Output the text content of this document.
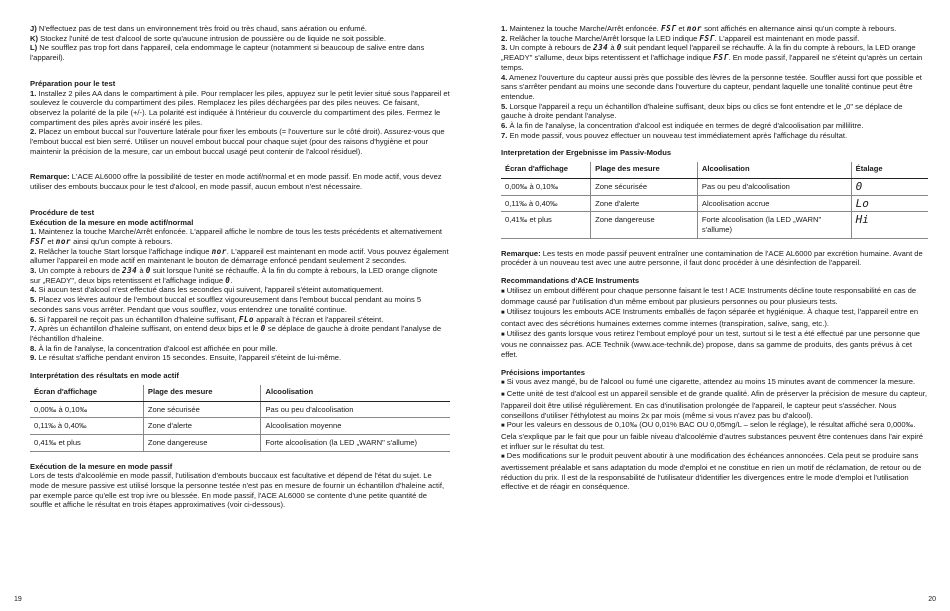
J) N'effectuez pas de test dans un environnement très froid ou très chaud, sans aération ou enfumé.

K) Stockez l'unité de test d'alcool de sorte qu'aucune intrusion de poussière ou de liquide ne soit possible.

L) Ne soufflez pas trop fort dans l'appareil, cela endommage le capteur (notamment si beaucoup de salive entre dans l'appareil).

Préparation pour le test

1. Installez 2 piles AA dans le compartiment à pile. Pour remplacer les piles, appuyez sur le petit levier situé sous l'appareil et soulevez le couvercle du compartiment des piles. Remplacez les piles déchargées par des piles neuves. Ce faisant, observez la polarité de la pile (+/-). La polarité est indiquée à l'intérieur du couvercle du compartiment des piles. Fermez le compartiment des piles après avoir inséré les piles.

2. Placez un embout buccal sur l'ouverture latérale pour fixer les embouts (= l'ouverture sur le côté droit). Assurez-vous que l'embout buccal est bien serré. Utiliser un nouvel embout buccal pour chaque sujet (pour des raisons d'hygiène et pour maintenir la précision de la mesure, car un embout buccal usagé peut contenir de l'alcool résiduel).

Remarque: L'ACE AL6000 offre la possibilité de tester en mode actif/normal et en mode passif. En mode actif, vous devez utiliser des embouts buccaux pour le test d'alcool, en mode passif, aucun embout n'est nécessaire.

Procédure de test
Exécution de la mesure en mode actif/normal
1. Maintenez la touche Marche/Arrêt enfoncée. L'appareil affiche le nombre de tous les tests précédents et alternativement FSГ et nor ainsi qu'un compte à rebours.
2. Relâcher la touche Start lorsque l'affichage indique nor. L'appareil est maintenant en mode actif. Vous pouvez également allumer l'appareil en mode actif en maintenant le bouton de démarrage enfoncé pendant seulement 2 secondes.
3. Un compte à rebours de 234 à 0 suit lorsque l'unité se réchauffe. À la fin du compte à rebours, la LED orange clignote sur „READY", deux bips retentissent et l'affichage indique 0.
4. Si aucun test d'alcool n'est effectué dans les secondes qui suivent, l'appareil s'éteint automatiquement.
5. Placez vos lèvres autour de l'embout buccal et soufflez vigoureusement dans l'embout buccal pendant au moins 5 secondes sans vous arrêter. Pendant que vous soufflez, vous entendrez une tonalité continue.
6. Si l'appareil ne reçoit pas un échantillon d'haleine suffisant, FLo apparaît à l'écran et l'appareil s'éteint.
7. Après un échantillon d'haleine suffisant, on entend deux bips et le 0 se déplace de gauche à droite pendant l'analyse de l'échantillon d'haleine.
8. À la fin de l'analyse, la concentration d'alcool est affichée en pour mille.
9. Le résultat s'affiche pendant environ 15 secondes. Ensuite, l'appareil s'éteint de lui-même.
Interprétation des résultats en mode actif
Écran d'affichage	Plage des mesure	Alcoolisation
0,00‰ à 0,10‰	Zone sécurisée	Pas ou peu d'alcoolisation
0,11‰ à 0,40‰	Zone d'alerte	Alcoolisation moyenne
0,41‰ et plus	Zone dangereuse	Forte alcoolisation (la LED „WARN" s'allume)
Exécution de la mesure en mode passif

Lors de tests d'alcoolémie en mode passif, l'utilisation d'embouts buccaux est facultative et dépend de l'état du sujet. Le mode de mesure passive est utilisé lorsque la personne testée n'est pas en mesure de fournir un échantillon d'haleine actif, par exemple parce qu'elle est trop ivre ou blessée. En mode passif, l'ACE AL6000 se contente d'une petite quantité de souffle et affiche le résultat en trois étapes approximatives (voir ci-dessous).

19
1. Maintenez la touche Marche/Arrêt enfoncée. FSГ et nor sont affichés en alternance ainsi qu'un compte à rebours.
2. Relâcher la touche Marche/Arrêt lorsque la LED indique FSГ. L'appareil est maintenant en mode passif.
3. Un compte à rebours de 234 à 0 suit pendant lequel l'appareil se réchauffe. À la fin du compte à rebours, la LED orange „READY" s'allume, deux bips retentissent et l'affichage indique FSГ. En mode passif, l'appareil ne s'éteint qu'après un certain temps.
4. Amenez l'ouverture du capteur aussi près que possible des lèvres de la personne testée. Souffler aussi fort que possible et sans s'arrêter pendant au moins une seconde dans l'ouverture du capteur, pendant laquelle une tonalité continue peut être entendue.
5. Lorsque l'appareil a reçu un échantillon d'haleine suffisant, deux bips ou clics se font entendre et le „0" se déplace de gauche à droite pendant l'analyse.
6. À la fin de l'analyse, la concentration d'alcool est indiquée en termes de degré d'alcoolisation par millilitre.
7. En mode passif, vous pouvez effectuer un nouveau test immédiatement après l'affichage du résultat.
Interpretation der Ergebnisse im Passiv-Modus
Écran d'affichage	Plage des mesure	Alcoolisation	Étalage
0,00‰ à 0,10‰	Zone sécurisée	Pas ou peu d'alcoolisation	0
0,11‰ à 0,40‰	Zone d'alerte	Alcoolisation accrue	Lo
0,41‰ et plus	Zone dangereuse	Forte alcoolisation (la LED „WARN" s'allume)	Hi

Remarque: Les tests en mode passif peuvent entraîner une contamination de l'ACE AL6000 par excrétion humaine. Avant de procéder à un nouveau test avec une autre personne, il faut donc procéder à une désinfection de l'appareil.

Recommandations d'ACE Instruments

■ Utilisez un embout différent pour chaque personne faisant le test ! ACE Instruments décline toute responsabilité en cas de dommage causé par l'utilisation d'un même embout par plusieurs personnes ou pour plusieurs tests.

■ Utilisez toujours les embouts ACE Instruments emballés de façon séparée et hygiénique. À chaque test, l'appareil entre en contact avec des sécrétions humaines externes comme internes (transpiration, salive, sang, etc.).

■ Utilisez des gants lorsque vous retirez l'embout employé pour un test, surtout si le test a été effectué par une personne que vous ne connaissez pas. ACE Technik (www.ace-technik.de) propose, dans sa gamme de produits, des gants prévus à cet effet.

Précisions importantes

■ Si vous avez mangé, bu de l'alcool ou fumé une cigarette, attendez au moins 15 minutes avant de commencer la mesure.

■ Cette unité de test d'alcool est un appareil sensible et de grande qualité. Afin de préserver la précision de mesure du capteur, l'appareil doit être utilisé régulièrement. En cas d'inutilisation prolongée de l'appareil, le capteur peut s'assécher. Nous conseillons d'utiliser l'éthylotest au moins 2x par mois (même si vous n'avez pas bu d'alcool).

■ Pour les valeurs en dessous de 0,10‰ (OU 0,01% BAC OU 0,05mg/L – selon le réglage), le résultat affiché sera 0,000‰. Cela s'explique par le fait que pour un faible niveau d'alcoolémie d'autres substances peuvent être contenues dans l'air expiré et influer sur le résultat du test.

■ Des modifications sur le produit peuvent aboutir à une modification des échéances annoncées. Cela peut se produire sans avertissement préalable et sans adaptation du mode d'emploi et ne constitue en rien un motif de réclamation, de retour ou de réduction du prix. Il est de la responsabilité de l'utilisateur d'identifier les divergences entre le mode d'emploi et l'utilisation effective et de réagir en conséquence.

20
